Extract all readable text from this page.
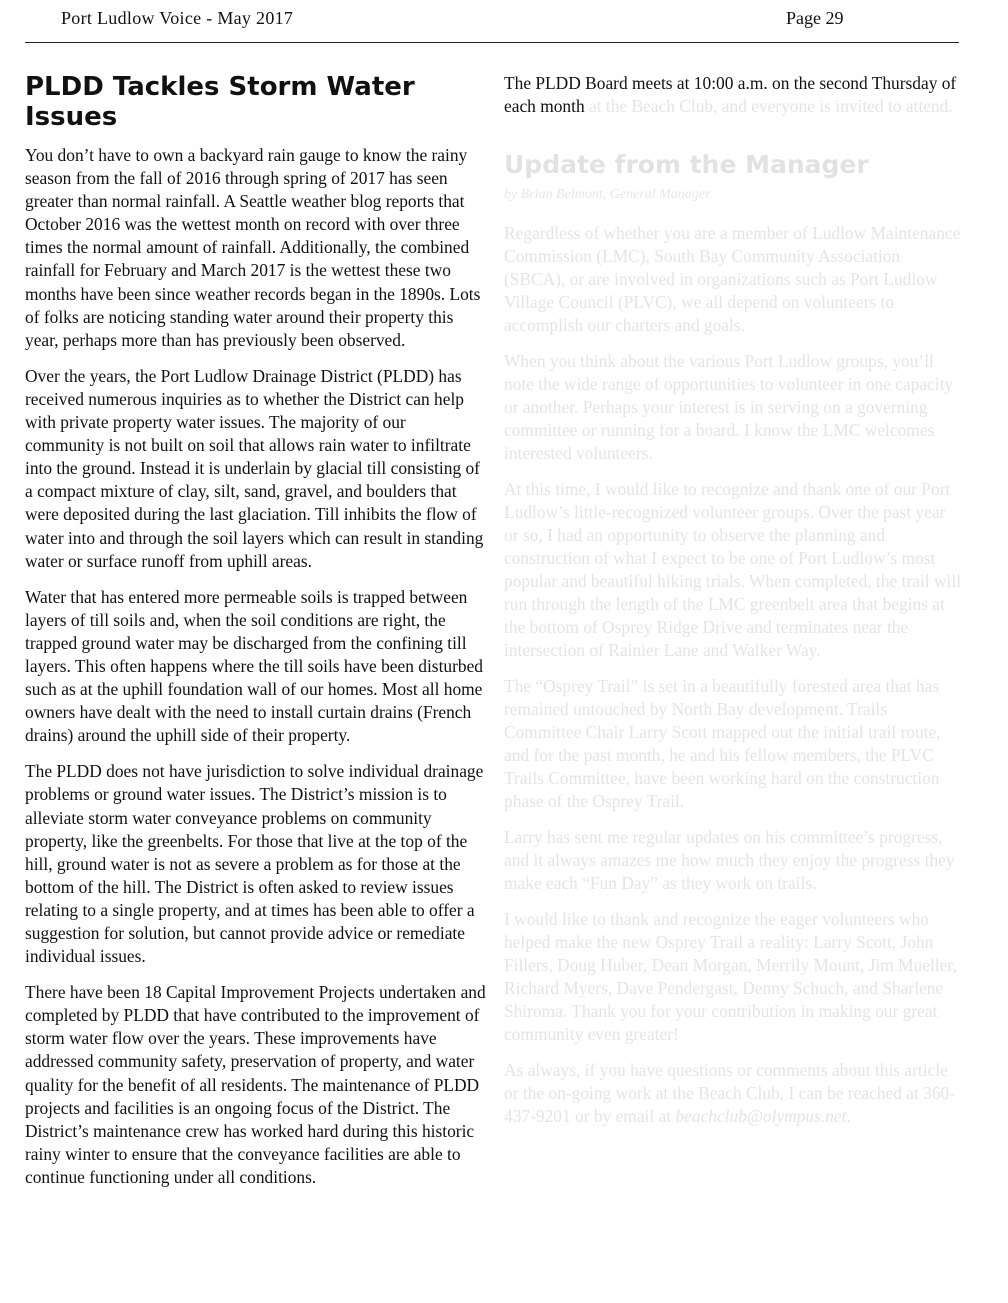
Port Ludlow Voice - May 2017	Page 29
PLDD Tackles Storm Water Issues

You don’t have to own a backyard rain gauge to know the rainy season from the fall of 2016 through spring of 2017 has seen greater than normal rainfall. A Seattle weather blog reports that October 2016 was the wettest month on record with over three times the normal amount of rainfall. Additionally, the combined rainfall for February and March 2017 is the wettest these two months have been since weather records began in the 1890s. Lots of folks are noticing standing water around their property this year, perhaps more than has previously been observed.

Over the years, the Port Ludlow Drainage District (PLDD) has received numerous inquiries as to whether the District can help with private property water issues. The majority of our community is not built on soil that allows rain water to infiltrate into the ground. Instead it is underlain by glacial till consisting of a compact mixture of clay, silt, sand, gravel, and boulders that were deposited during the last glaciation. Till inhibits the flow of water into and through the soil layers which can result in standing water or surface runoff from uphill areas.

Water that has entered more permeable soils is trapped between layers of till soils and, when the soil conditions are right, the trapped ground water may be discharged from the confining till layers. This often happens where the till soils have been disturbed such as at the uphill foundation wall of our homes. Most all home owners have dealt with the need to install curtain drains (French drains) around the uphill side of their property.

The PLDD does not have jurisdiction to solve individual drainage problems or ground water issues. The District’s mission is to alleviate storm water conveyance problems on community property, like the greenbelts. For those that live at the top of the hill, ground water is not as severe a problem as for those at the bottom of the hill. The District is often asked to review issues relating to a single property, and at times has been able to offer a suggestion for solution, but cannot provide advice or remediate individual issues.

There have been 18 Capital Improvement Projects undertaken and completed by PLDD that have contributed to the improvement of storm water flow over the years. These improvements have addressed community safety, preservation of property, and water quality for the benefit of all residents. The maintenance of PLDD projects and facilities is an ongoing focus of the District. The District’s maintenance crew has worked hard during this historic rainy winter to ensure that the conveyance facilities are able to continue functioning under all conditions.

The PLDD Board meets at 10:00 a.m. on the second Thursday of each month at the Beach Club, and everyone is invited to attend.

Update from the Manager
by Brian Belmont, General Manager

Regardless of whether you are a member of Ludlow Maintenance Commission (LMC), South Bay Community Association (SBCA), or are involved in organizations such as Port Ludlow Village Council (PLVC), we all depend on volunteers to accomplish our charters and goals.

When you think about the various Port Ludlow groups, you’ll note the wide range of opportunities to volunteer in one capacity or another. Perhaps your interest is in serving on a governing committee or running for a board. I know the LMC welcomes interested volunteers.

At this time, I would like to recognize and thank one of our Port Ludlow’s little-recognized volunteer groups. Over the past year or so, I had an opportunity to observe the planning and construction of what I expect to be one of Port Ludlow’s most popular and beautiful hiking trials. When completed, the trail will run through the length of the LMC greenbelt area that begins at the bottom of Osprey Ridge Drive and terminates near the intersection of Rainier Lane and Walker Way.

The “Osprey Trail” is set in a beautifully forested area that has remained untouched by North Bay development. Trails Committee Chair Larry Scott mapped out the initial trail route, and for the past month, he and his fellow members, the PLVC Trails Committee, have been working hard on the construction phase of the Osprey Trail.

Larry has sent me regular updates on his committee’s progress, and it always amazes me how much they enjoy the progress they make each “Fun Day” as they work on trails.

I would like to thank and recognize the eager volunteers who helped make the new Osprey Trail a reality: Larry Scott, John Fillers, Doug Huber, Dean Morgan, Merrily Mount, Jim Mueller, Richard Myers, Dave Pendergast, Denny Schuch, and Sharlene Shiroma. Thank you for your contribution in making our great community even greater!

As always, if you have questions or comments about this article or the on-going work at the Beach Club, I can be reached at 360-437-9201 or by email at beachclub@olympus.net.
